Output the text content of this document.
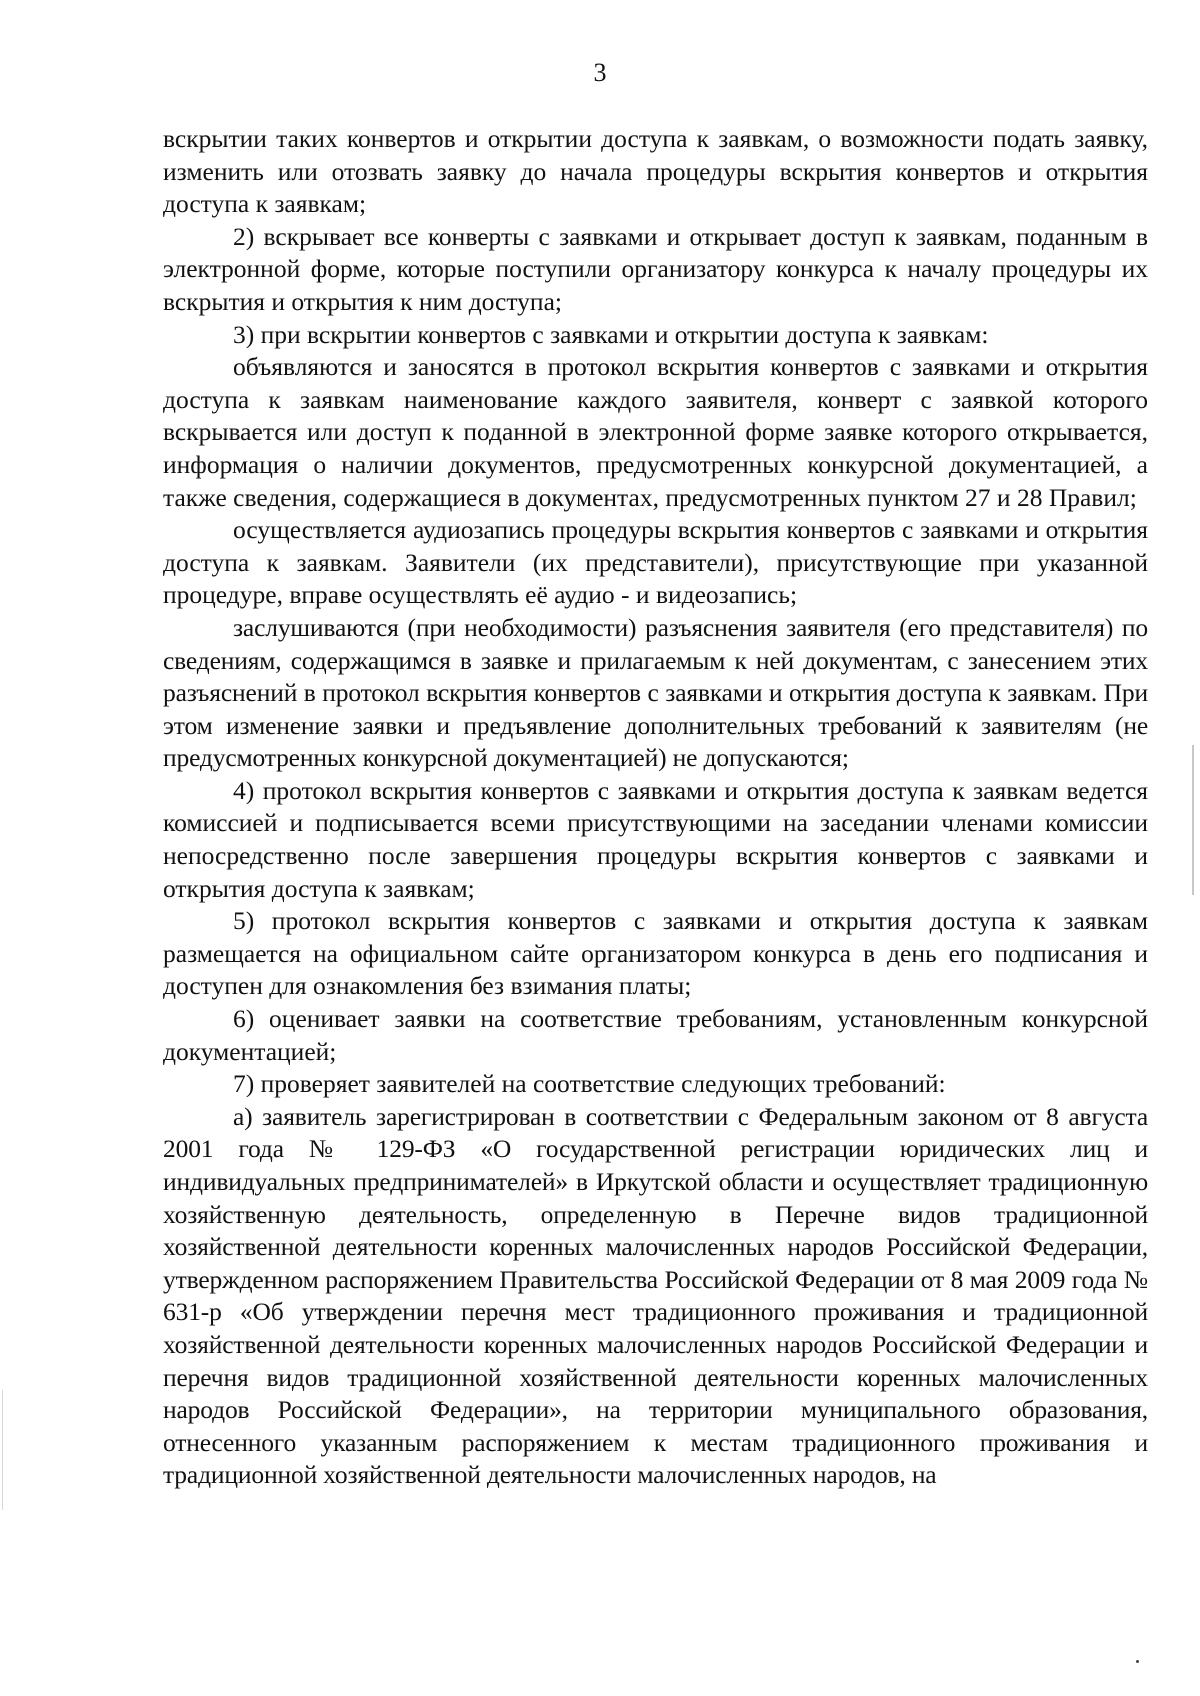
3

вскрытии таких конвертов и открытии доступа к заявкам, о возможности подать заявку, изменить или отозвать заявку до начала процедуры вскрытия конвертов и открытия доступа к заявкам;

2) вскрывает все конверты с заявками и открывает доступ к заявкам, поданным в электронной форме, которые поступили организатору конкурса к началу процедуры их вскрытия и открытия к ним доступа;

3) при вскрытии конвертов с заявками и открытии доступа к заявкам:

объявляются и заносятся в протокол вскрытия конвертов с заявками и открытия доступа к заявкам наименование каждого заявителя, конверт с заявкой которого вскрывается или доступ к поданной в электронной форме заявке которого открывается, информация о наличии документов, предусмотренных конкурсной документацией, а также сведения, содержащиеся в документах, предусмотренных пунктом 27 и 28 Правил;

осуществляется аудиозапись процедуры вскрытия конвертов с заявками и открытия доступа к заявкам. Заявители (их представители), присутствующие при указанной процедуре, вправе осуществлять её аудио - и видеозапись;

заслушиваются (при необходимости) разъяснения заявителя (его представителя) по сведениям, содержащимся в заявке и прилагаемым к ней документам, с занесением этих разъяснений в протокол вскрытия конвертов с заявками и открытия доступа к заявкам. При этом изменение заявки и предъявление дополнительных требований к заявителям (не предусмотренных конкурсной документацией) не допускаются;

4) протокол вскрытия конвертов с заявками и открытия доступа к заявкам ведется комиссией и подписывается всеми присутствующими на заседании членами комиссии непосредственно после завершения процедуры вскрытия конвертов с заявками и открытия доступа к заявкам;

5) протокол вскрытия конвертов с заявками и открытия доступа к заявкам размещается на официальном сайте организатором конкурса в день его подписания и доступен для ознакомления без взимания платы;

6) оценивает заявки на соответствие требованиям, установленным конкурсной документацией;

7) проверяет заявителей на соответствие следующих требований:

а) заявитель зарегистрирован в соответствии с Федеральным законом от 8 августа 2001 года № 129-ФЗ «О государственной регистрации юридических лиц и индивидуальных предпринимателей» в Иркутской области и осуществляет традиционную хозяйственную деятельность, определенную в Перечне видов традиционной хозяйственной деятельности коренных малочисленных народов Российской Федерации, утвержденном распоряжением Правительства Российской Федерации от 8 мая 2009 года № 631-р «Об утверждении перечня мест традиционного проживания и традиционной хозяйственной деятельности коренных малочисленных народов Российской Федерации и перечня видов традиционной хозяйственной деятельности коренных малочисленных народов Российской Федерации», на территории муниципального образования, отнесенного указанным распоряжением к местам традиционного проживания и традиционной хозяйственной деятельности малочисленных народов, на
